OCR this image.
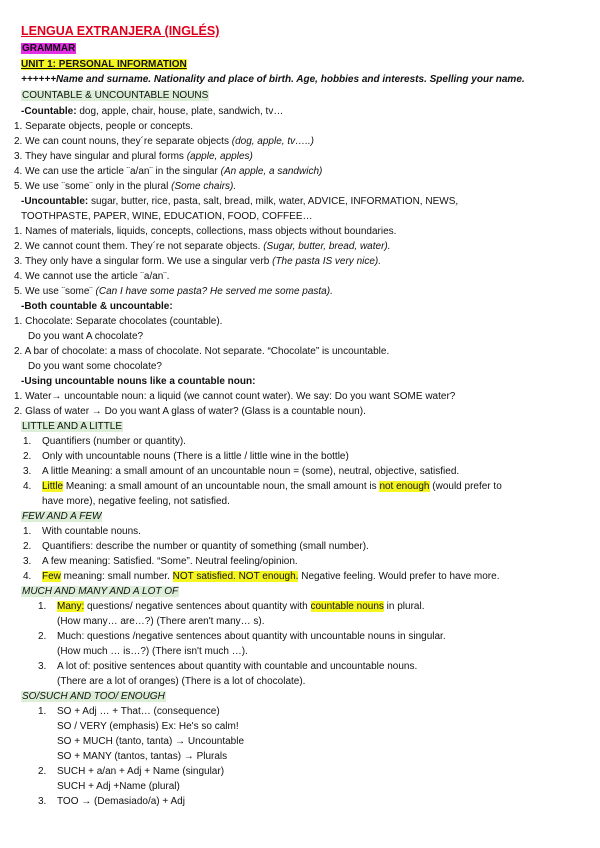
LENGUA EXTRANJERA (INGLÉS)
GRAMMAR
UNIT 1: PERSONAL INFORMATION
++++++Name and surname. Nationality and place of birth. Age, hobbies and interests. Spelling your name.
COUNTABLE & UNCOUNTABLE NOUNS
-Countable: dog, apple, chair, house, plate, sandwich, tv…
1. Separate objects, people or concepts.
2. We can count nouns, they´re separate objects (dog, apple, tv…..)
3. They have singular and plural forms (apple, apples)
4. We can use the article ¨a/an¨ in the singular (An apple, a sandwich)
5. We use ¨some¨ only in the plural (Some chairs).
-Uncountable: sugar, butter, rice, pasta, salt, bread, milk, water, ADVICE, INFORMATION, NEWS,
TOOTHPASTE, PAPER, WINE, EDUCATION, FOOD, COFFEE…
1. Names of materials, liquids, concepts, collections, mass objects without boundaries.
2. We cannot count them. They´re not separate objects. (Sugar, butter, bread, water).
3. They only have a singular form. We use a singular verb (The pasta IS very nice).
4. We cannot use the article ¨a/an¨.
5. We use ¨some¨ (Can I have some pasta? He served me some pasta).
-Both countable & uncountable:
1. Chocolate: Separate chocolates (countable).
Do you want A chocolate?
2. A bar of chocolate: a mass of chocolate. Not separate. “Chocolate” is uncountable.
Do you want some chocolate?
-Using uncountable nouns like a countable noun:
1. Water→ uncountable noun: a liquid (we cannot count water). We say: Do you want SOME water?
2. Glass of water → Do you want A glass of water? (Glass is a countable noun).
LITTLE AND A LITTLE
1. Quantifiers (number or quantity).
2. Only with uncountable nouns (There is a little / little wine in the bottle)
3. A little Meaning: a small amount of an uncountable noun = (some), neutral, objective, satisfied.
4. Little Meaning: a small amount of an uncountable noun, the small amount is not enough (would prefer to
have more), negative feeling, not satisfied.
FEW AND A FEW
1. With countable nouns.
2. Quantifiers: describe the number or quantity of something (small number).
3. A few meaning: Satisfied. “Some”. Neutral feeling/opinion.
4. Few meaning: small number. NOT satisfied. NOT enough. Negative feeling. Would prefer to have more.
MUCH AND MANY AND A LOT OF
1. Many: questions/ negative sentences about quantity with countable nouns in plural.
(How many… are…?) (There aren't many… s).
2. Much: questions /negative sentences about quantity with uncountable nouns in singular.
(How much … is…?) (There isn't much …).
3. A lot of: positive sentences about quantity with countable and uncountable nouns.
(There are a lot of oranges) (There is a lot of chocolate).
SO/SUCH AND TOO/ ENOUGH
1. SO + Adj … + That… (consequence)
SO / VERY (emphasis) Ex: He's so calm!
SO + MUCH (tanto, tanta) → Uncountable
SO + MANY (tantos, tantas) → Plurals
2. SUCH + a/an + Adj + Name (singular)
SUCH + Adj +Name (plural)
3. TOO → (Demasiado/a) + Adj
